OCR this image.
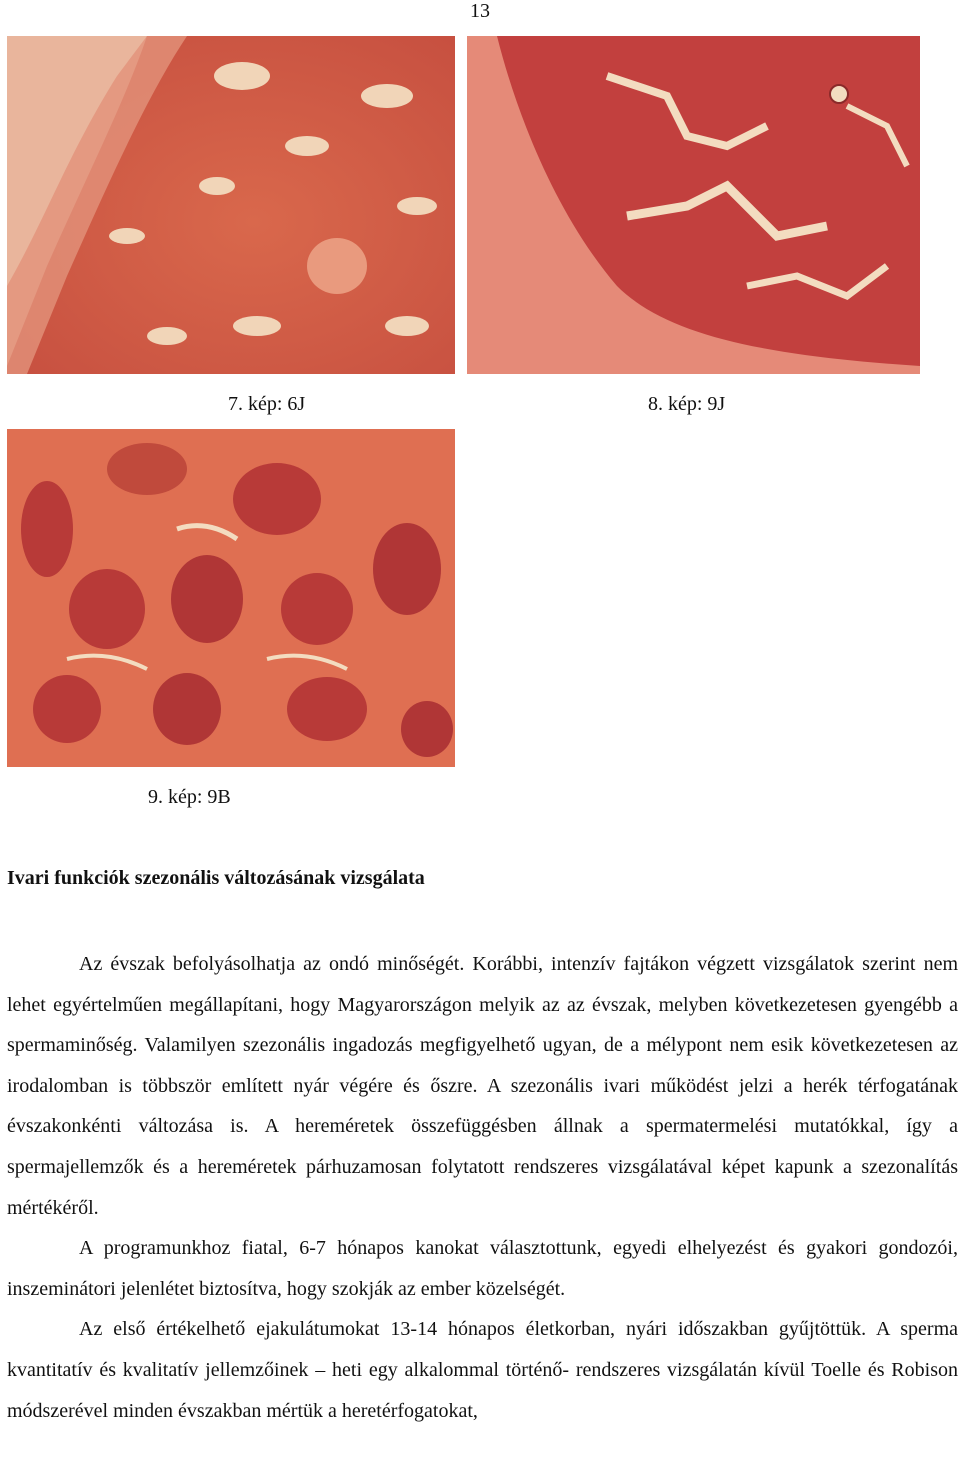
13
7. kép: 6J	8. kép: 9J
9. kép: 9B
Ivari funkciók szezonális változásának vizsgálata

Az évszak befolyásolhatja az ondó minőségét. Korábbi, intenzív fajtákon végzett vizsgálatok szerint nem lehet egyértelműen megállapítani, hogy Magyarországon melyik az az évszak, melyben következetesen gyengébb a spermaminőség. Valamilyen szezonális ingadozás megfigyelhető ugyan, de a mélypont nem esik következetesen az irodalomban is többször említett nyár végére és őszre. A szezonális ivari működést jelzi a herék térfogatának évszakonkénti változása is. A hereméretek összefüggésben állnak a spermatermelési mutatókkal, így a spermajellemzők és a hereméretek párhuzamosan folytatott rendszeres vizsgálatával képet kapunk a szezonalítás mértékéről.

A programunkhoz fiatal, 6-7 hónapos kanokat választottunk, egyedi elhelyezést és gyakori gondozói, inszeminátori jelenlétet biztosítva, hogy szokják az ember közelségét.

Az első értékelhető ejakulátumokat 13-14 hónapos életkorban, nyári időszakban gyűjtöttük. A sperma kvantitatív és kvalitatív jellemzőinek – heti egy alkalommal történő- rendszeres vizsgálatán kívül Toelle és Robison módszerével minden évszakban mértük a heretérfogatokat,
